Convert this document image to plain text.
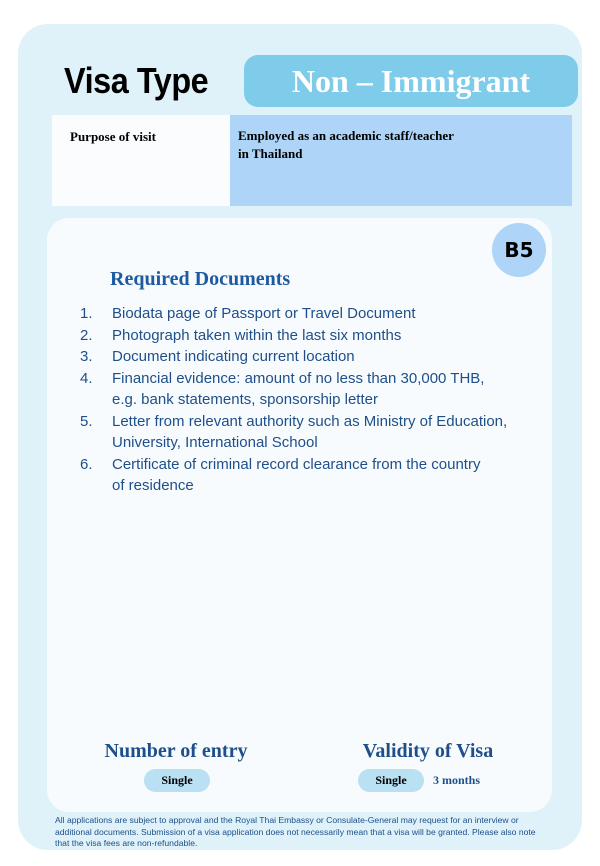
Visa Type	Non – Immigrant
Purpose of visit	Employed as an academic staff/teacher
in Thailand
B5
Required Documents
1.	Biodata page of Passport or Travel Document
2.	Photograph taken within the last six months
3.	Document indicating current location
4.	Financial evidence: amount of no less than 30,000 THB,
e.g. bank statements, sponsorship letter
5.	Letter from relevant authority such as Ministry of Education,
University, International School
6.	Certificate of criminal record clearance from the country
of residence
Number of entry
Single
Validity of Visa
Single	3 months
All applications are subject to approval and the Royal Thai Embassy or Consulate-General may request for an interview or additional documents. Submission of a visa application does not necessarily mean that a visa will be granted. Please also note that the visa fees are non-refundable.
